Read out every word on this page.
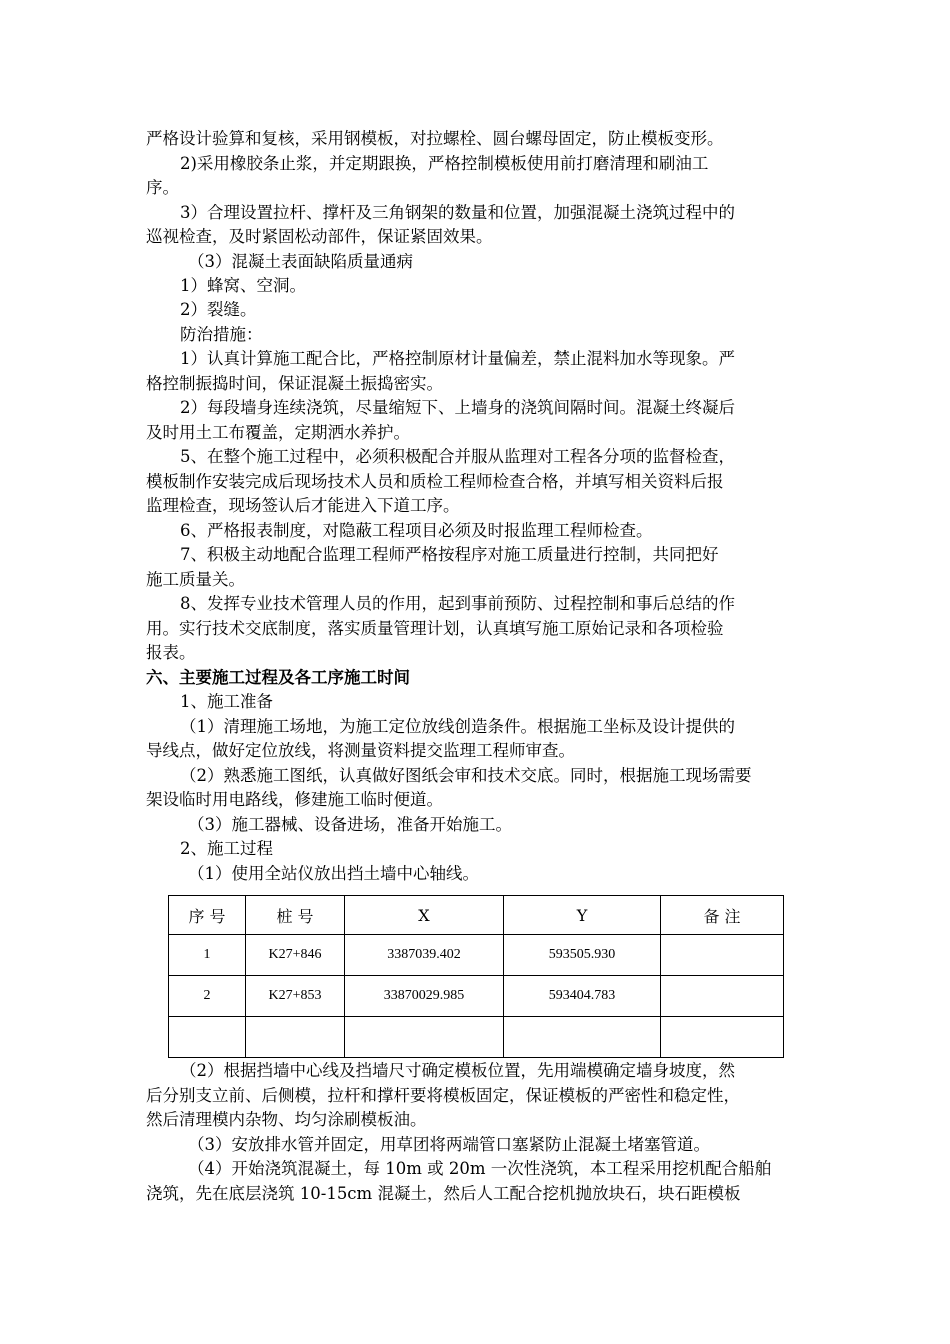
严格设计验算和复核，采用钢模板，对拉螺栓、圆台螺母固定，防止模板变形。
2)采用橡胶条止浆，并定期跟换，严格控制模板使用前打磨清理和刷油工
序。
3）合理设置拉杆、撑杆及三角钢架的数量和位置，加强混凝土浇筑过程中的
巡视检查，及时紧固松动部件，保证紧固效果。
（3）混凝土表面缺陷质量通病
1）蜂窝、空洞。
2）裂缝。
防治措施：
1）认真计算施工配合比，严格控制原材计量偏差，禁止混料加水等现象。严
格控制振捣时间，保证混凝土振捣密实。
2）每段墙身连续浇筑，尽量缩短下、上墙身的浇筑间隔时间。混凝土终凝后
及时用土工布覆盖，定期洒水养护。
5、在整个施工过程中，必须积极配合并服从监理对工程各分项的监督检查，
模板制作安装完成后现场技术人员和质检工程师检查合格，并填写相关资料后报
监理检查，现场签认后才能进入下道工序。
6、严格报表制度，对隐蔽工程项目必须及时报监理工程师检查。
7、积极主动地配合监理工程师严格按程序对施工质量进行控制，共同把好
施工质量关。
8、发挥专业技术管理人员的作用，起到事前预防、过程控制和事后总结的作
用。实行技术交底制度，落实质量管理计划，认真填写施工原始记录和各项检验
报表。
六、主要施工过程及各工序施工时间
1、施工准备
（1）清理施工场地，为施工定位放线创造条件。根据施工坐标及设计提供的
导线点，做好定位放线，将测量资料提交监理工程师审查。
（2）熟悉施工图纸，认真做好图纸会审和技术交底。同时，根据施工现场需要
架设临时用电路线，修建施工临时便道。
（3）施工器械、设备进场，准备开始施工。
2、施工过程
（1）使用全站仪放出挡土墙中心轴线。
序 号	桩 号	X	Y	备 注
1	K27+846	3387039.402	593505.930	
2	K27+853	33870029.985	593404.783	

（2）根据挡墙中心线及挡墙尺寸确定模板位置，先用端模确定墙身坡度，然
后分别支立前、后侧模，拉杆和撑杆要将模板固定，保证模板的严密性和稳定性，
然后清理模内杂物、均匀涂刷模板油。
（3）安放排水管并固定，用草团将两端管口塞紧防止混凝土堵塞管道。
（4）开始浇筑混凝土，每 10m 或 20m 一次性浇筑，本工程采用挖机配合船舶
浇筑，先在底层浇筑 10-15cm 混凝土，然后人工配合挖机抛放块石，块石距模板
